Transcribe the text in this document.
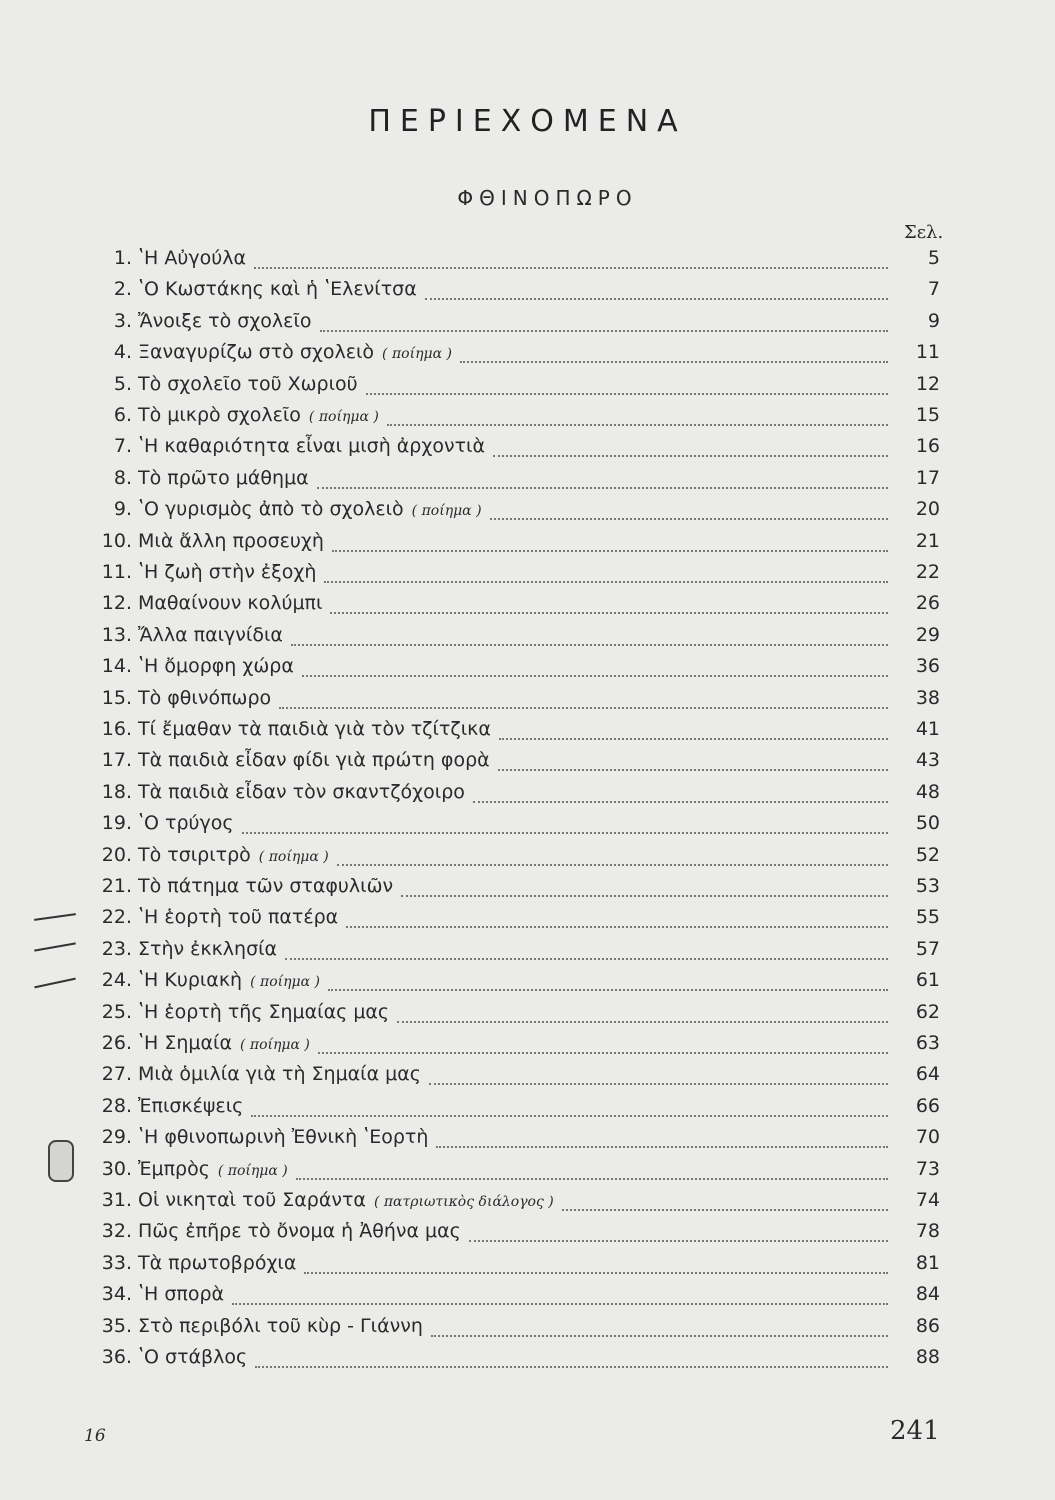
ΠΕΡΙΕΧΟΜΕΝΑ
ΦΘΙΝΟΠΩΡΟ
Σελ.
1. ʽΗ Αὐγούλα	5
2. ʽΟ Κωστάκης καὶ ἡ ʽΕλενίτσα	7
3. Ἄνοιξε τὸ σχολεῖο	9
4. Ξαναγυρίζω στὸ σχολειὸ ( ποίημα )	11
5. Τὸ σχολεῖο τοῦ Χωριοῦ	12
6. Τὸ μικρὸ σχολεῖο ( ποίημα )	15
7. ʽΗ καθαριότητα εἶναι μισὴ ἀρχοντιὰ	16
8. Τὸ πρῶτο μάθημα	17
9. ʽΟ γυρισμὸς ἀπὸ τὸ σχολειὸ ( ποίημα )	20
10. Μιὰ ἄλλη προσευχὴ	21
11. ʽΗ ζωὴ στὴν ἐξοχὴ	22
12. Μαθαίνουν κολύμπι	26
13. Ἄλλα παιγνίδια	29
14. ʽΗ ὄμορφη χώρα	36
15. Τὸ φθινόπωρο	38
16. Τί ἔμαθαν τὰ παιδιὰ γιὰ τὸν τζίτζικα	41
17. Τὰ παιδιὰ εἶδαν φίδι γιὰ πρώτη φορὰ	43
18. Τὰ παιδιὰ εἶδαν τὸν σκαντζόχοιρο	48
19. ʽΟ τρύγος	50
20. Τὸ τσιριτρὸ ( ποίημα )	52
21. Τὸ πάτημα τῶν σταφυλιῶν	53
22. ʽΗ ἑορτὴ τοῦ πατέρα	55
23. Στὴν ἐκκλησία	57
24. ʽΗ Κυριακὴ ( ποίημα )	61
25. ʽΗ ἑορτὴ τῆς Σημαίας μας	62
26. ʽΗ Σημαία ( ποίημα )	63
27. Μιὰ ὁμιλία γιὰ τὴ Σημαία μας	64
28. Ἐπισκέψεις	66
29. ʽΗ φθινοπωρινὴ Ἐθνικὴ ʽΕορτὴ	70
30. Ἐμπρὸς ( ποίημα )	73
31. Οἱ νικηταὶ τοῦ Σαράντα ( πατριωτικὸς διάλογος )	74
32. Πῶς ἐπῆρε τὸ ὄνομα ἡ Ἀθήνα μας	78
33. Τὰ πρωτοβρόχια	81
34. ʽΗ σπορὰ	84
35. Στὸ περιβόλι τοῦ κὺρ - Γιάννη	86
36. ʽΟ στάβλος	88
16	241
